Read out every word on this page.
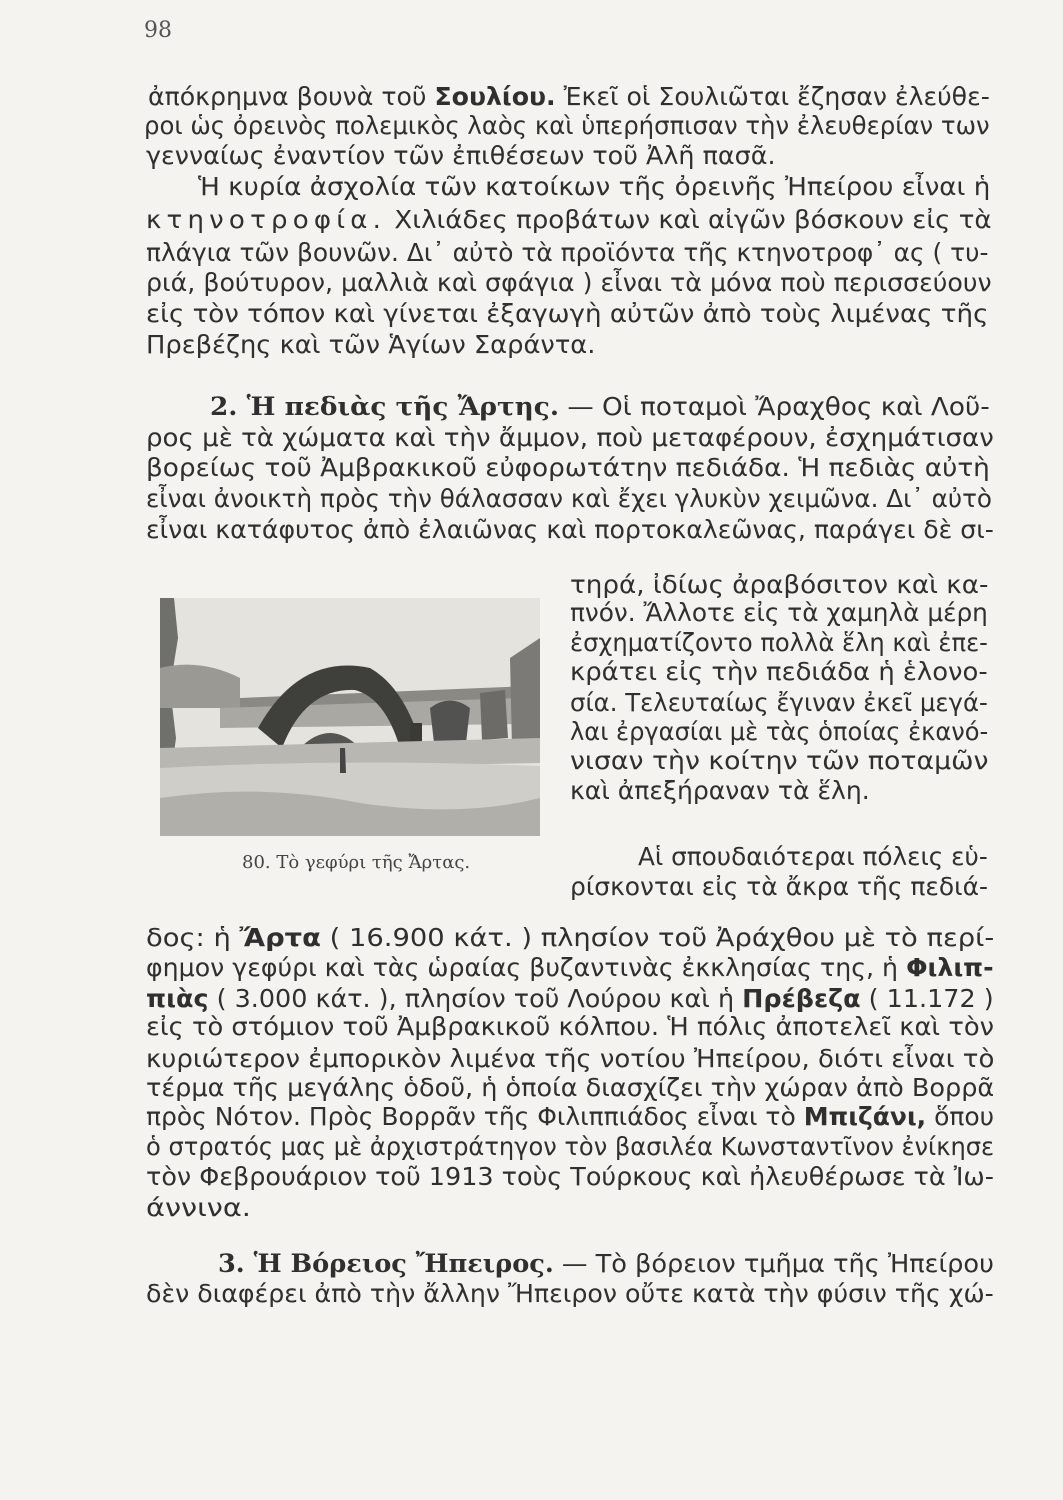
98
ἀπόκρημνα βουνὰ τοῦ Σουλίου. Ἐκεῖ οἱ Σουλιῶται ἔζησαν ἐλεύθε-
ροι ὡς ὀρεινὸς πολεμικὸς λαὸς καὶ ὑπερήσπισαν τὴν ἐλευθερίαν των
γενναίως ἐναντίον τῶν ἐπιθέσεων τοῦ Ἀλῆ πασᾶ.
Ἡ κυρία ἀσχολία τῶν κατοίκων τῆς ὀρεινῆς Ἠπείρου εἶναι ἡ
κτηνοτροφία. Χιλιάδες προβάτων καὶ αἰγῶν βόσκουν εἰς τὰ
πλάγια τῶν βουνῶν. Δι᾽ αὐτὸ τὰ προϊόντα τῆς κτηνοτροφ᾽ ας ( τυ-
ριά, βούτυρον, μαλλιὰ καὶ σφάγια ) εἶναι τὰ μόνα ποὺ περισσεύουν
εἰς τὸν τόπον καὶ γίνεται ἐξαγωγὴ αὐτῶν ἀπὸ τοὺς λιμένας τῆς
Πρεβέζης καὶ τῶν Ἁγίων Σαράντα.
2. Ἡ πεδιὰς τῆς Ἄρτης. — Οἱ ποταμοὶ Ἄραχθος καὶ Λοῦ-
ρος μὲ τὰ χώματα καὶ τὴν ἄμμον, ποὺ μεταφέρουν, ἐσχημάτισαν
βορείως τοῦ Ἀμβρακικοῦ εὐφορωτάτην πεδιάδα. Ἡ πεδιὰς αὐτὴ
εἶναι ἀνοικτὴ πρὸς τὴν θάλασσαν καὶ ἔχει γλυκὺν χειμῶνα. Δι᾽ αὐτὸ
εἶναι κατάφυτος ἀπὸ ἐλαιῶνας καὶ πορτοκαλεῶνας, παράγει δὲ σι-
τηρά, ἰδίως ἀραβόσιτον καὶ κα-
πνόν. Ἄλλοτε εἰς τὰ χαμηλὰ μέρη
ἐσχηματίζοντο πολλὰ ἕλη καὶ ἐπε-
κράτει εἰς τὴν πεδιάδα ἡ ἑλονο-
σία. Τελευταίως ἔγιναν ἐκεῖ μεγά-
λαι ἐργασίαι μὲ τὰς ὁποίας ἐκανό-
νισαν τὴν κοίτην τῶν ποταμῶν
καὶ ἀπεξήραναν τὰ ἕλη.
Αἱ σπουδαιότεραι πόλεις εὑ-
ρίσκονται εἰς τὰ ἄκρα τῆς πεδιά-
δος: ἡ Ἄρτα ( 16.900 κάτ. ) πλησίον τοῦ Ἀράχθου μὲ τὸ περί-
φημον γεφύρι καὶ τὰς ὡραίας βυζαντινὰς ἐκκλησίας της, ἡ Φιλιπ-
πιὰς ( 3.000 κάτ. ), πλησίον τοῦ Λούρου καὶ ἡ Πρέβεζα ( 11.172 )
εἰς τὸ στόμιον τοῦ Ἀμβρακικοῦ κόλπου. Ἡ πόλις ἀποτελεῖ καὶ τὸν
κυριώτερον ἐμπορικὸν λιμένα τῆς νοτίου Ἠπείρου, διότι εἶναι τὸ
τέρμα τῆς μεγάλης ὁδοῦ, ἡ ὁποία διασχίζει τὴν χώραν ἀπὸ Βορρᾶ
πρὸς Νότον. Πρὸς Βορρᾶν τῆς Φιλιππιάδος εἶναι τὸ Μπιζάνι, ὅπου
ὁ στρατός μας μὲ ἀρχιστράτηγον τὸν βασιλέα Κωνσταντῖνον ἐνίκησε
τὸν Φεβρουάριον τοῦ 1913 τοὺς Τούρκους καὶ ἠλευθέρωσε τὰ Ἰω-
άννινα.
3. Ἡ Βόρειος Ἤπειρος. — Τὸ βόρειον τμῆμα τῆς Ἠπείρου
δὲν διαφέρει ἀπὸ τὴν ἄλλην Ἤπειρον οὔτε κατὰ τὴν φύσιν τῆς χώ-
80. Τὸ γεφύρι τῆς Ἄρτας.
